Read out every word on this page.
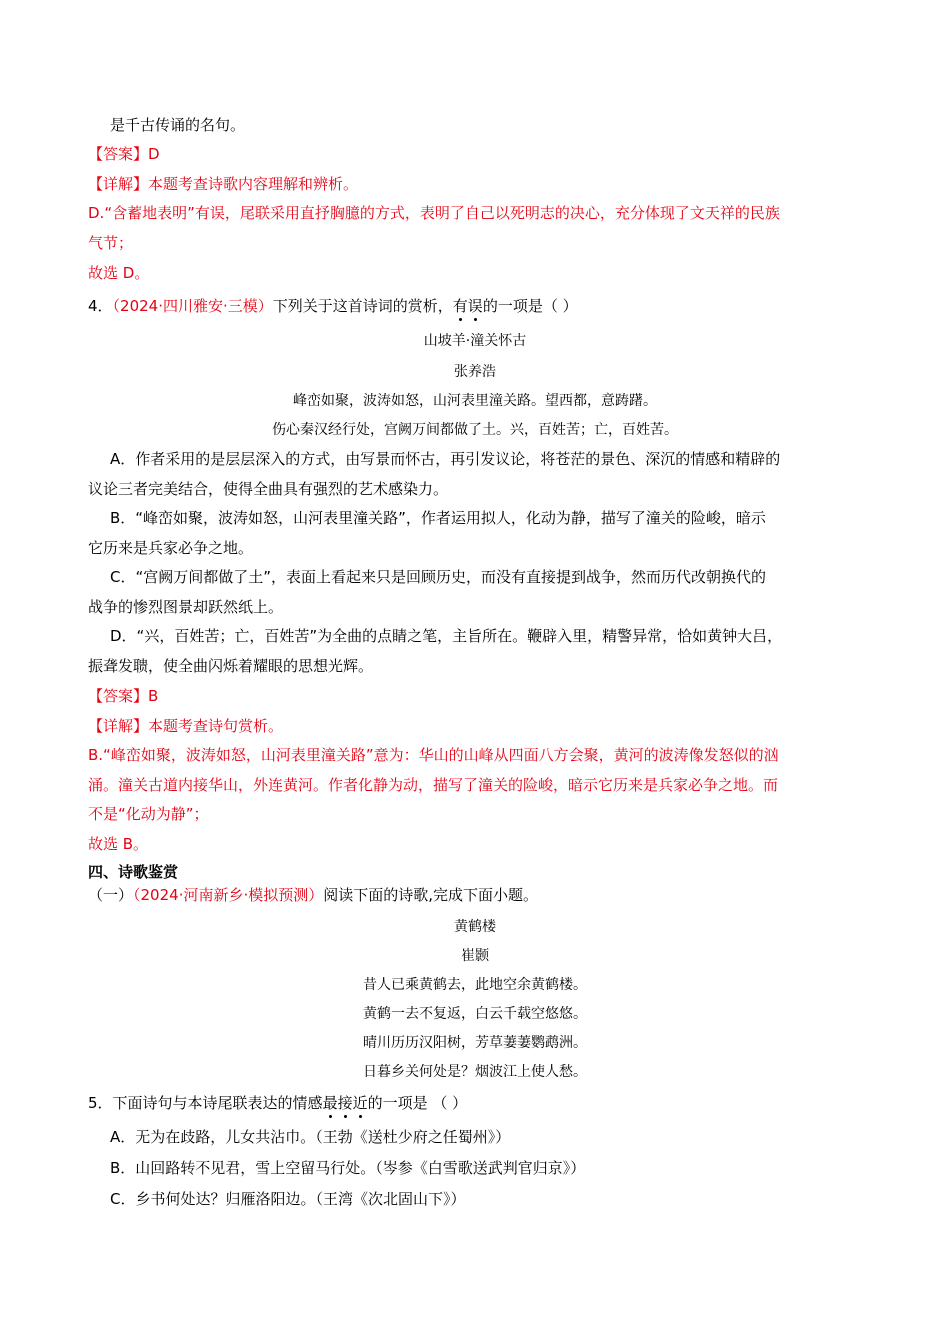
是千古传诵的名句。
【答案】D
【详解】本题考查诗歌内容理解和辨析。
D.“含蓄地表明”有误，尾联采用直抒胸臆的方式，表明了自己以死明志的决心，充分体现了文天祥的民族
气节；
故选 D。
4．（2024·四川雅安·三模）下列关于这首诗词的赏析，有误的一项是（ ）
山坡羊·潼关怀古
张养浩
峰峦如聚，波涛如怒，山河表里潼关路。望西都，意踌躇。
伤心秦汉经行处，宫阙万间都做了土。兴，百姓苦；亡，百姓苦。
A．作者采用的是层层深入的方式，由写景而怀古，再引发议论，将苍茫的景色、深沉的情感和精辟的
议论三者完美结合，使得全曲具有强烈的艺术感染力。
B．“峰峦如聚，波涛如怒，山河表里潼关路”，作者运用拟人，化动为静，描写了潼关的险峻，暗示
它历来是兵家必争之地。
C．“宫阙万间都做了土”，表面上看起来只是回顾历史，而没有直接提到战争，然而历代改朝换代的
战争的惨烈图景却跃然纸上。
D．“兴，百姓苦；亡，百姓苦”为全曲的点睛之笔，主旨所在。鞭辟入里，精警异常，恰如黄钟大吕，
振聋发聩，使全曲闪烁着耀眼的思想光辉。
【答案】B
【详解】本题考查诗句赏析。
B.“峰峦如聚，波涛如怒，山河表里潼关路”意为：华山的山峰从四面八方会聚，黄河的波涛像发怒似的汹
涌。潼关古道内接华山，外连黄河。作者化静为动，描写了潼关的险峻，暗示它历来是兵家必争之地。而
不是“化动为静”；
故选 B。
四、诗歌鉴赏
（一）（2024·河南新乡·模拟预测）阅读下面的诗歌,完成下面小题。
黄鹤楼
崔颢
昔人已乘黄鹤去，此地空余黄鹤楼。
黄鹤一去不复返，白云千载空悠悠。
晴川历历汉阳树，芳草萋萋鹦鹉洲。
日暮乡关何处是？烟波江上使人愁。
5．下面诗句与本诗尾联表达的情感最接近的一项是 （ ）
A．无为在歧路，儿女共沾巾。（王勃《送杜少府之任蜀州》）
B．山回路转不见君，雪上空留马行处。（岑参《白雪歌送武判官归京》）
C．乡书何处达？归雁洛阳边。（王湾《次北固山下》）
